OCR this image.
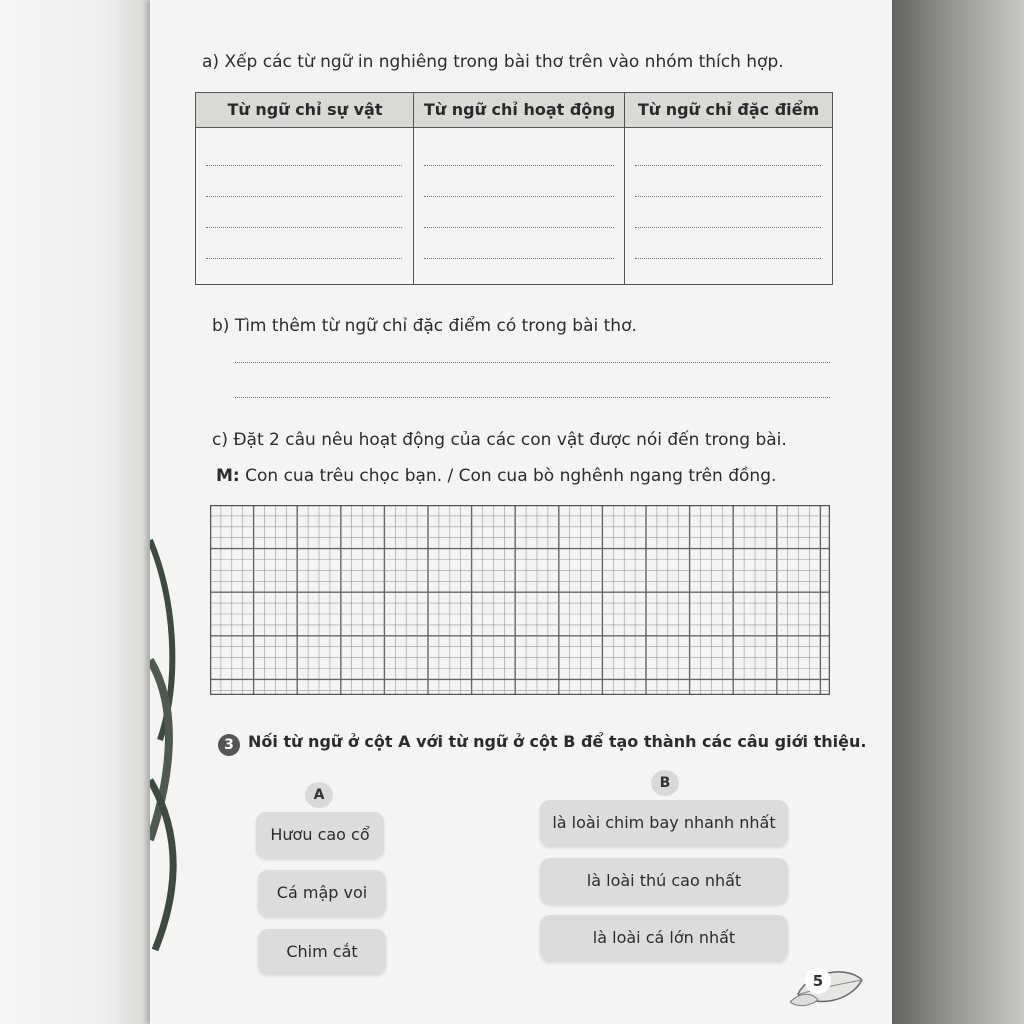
a) Xếp các từ ngữ in nghiêng trong bài thơ trên vào nhóm thích hợp.
Từ ngữ chỉ sự vật	Từ ngữ chỉ hoạt động	Từ ngữ chỉ đặc điểm
b) Tìm thêm từ ngữ chỉ đặc điểm có trong bài thơ.
c) Đặt 2 câu nêu hoạt động của các con vật được nói đến trong bài.
M: Con cua trêu chọc bạn. / Con cua bò nghênh ngang trên đồng.
3 Nối từ ngữ ở cột A với từ ngữ ở cột B để tạo thành các câu giới thiệu.
A
B
Hươu cao cổ
Cá mập voi
Chim cắt
là loài chim bay nhanh nhất
là loài thú cao nhất
là loài cá lớn nhất
5
